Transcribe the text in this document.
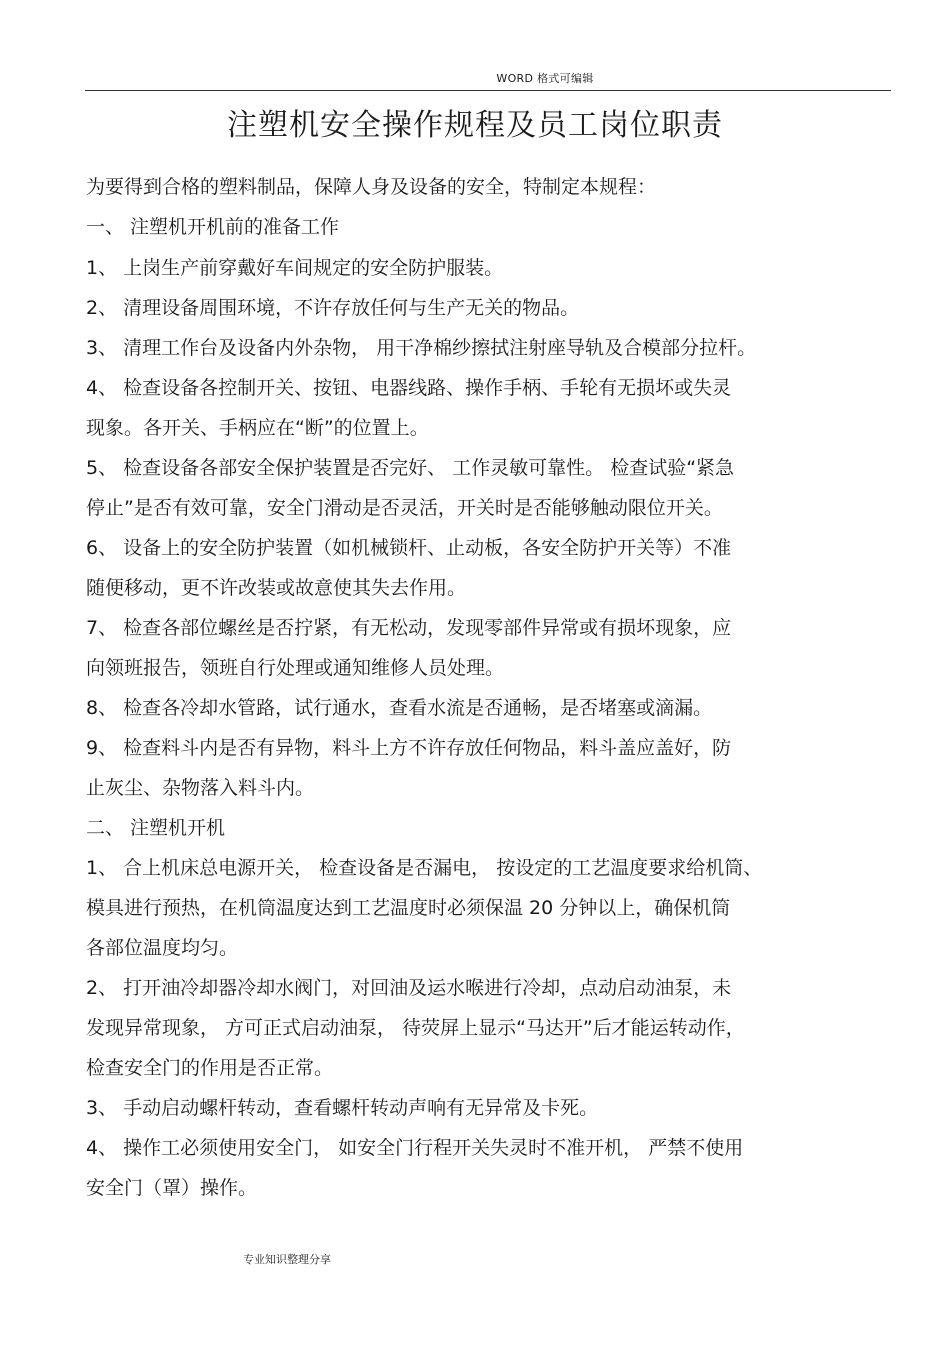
WORD 格式可编辑
注塑机安全操作规程及员工岗位职责
为要得到合格的塑料制品，保障人身及设备的安全，特制定本规程：
一、 注塑机开机前的准备工作
1、 上岗生产前穿戴好车间规定的安全防护服装。
2、 清理设备周围环境，不许存放任何与生产无关的物品。
3、 清理工作台及设备内外杂物， 用干净棉纱擦拭注射座导轨及合模部分拉杆。
4、 检查设备各控制开关、按钮、电器线路、操作手柄、手轮有无损坏或失灵
现象。各开关、手柄应在“断”的位置上。
5、 检查设备各部安全保护装置是否完好、 工作灵敏可靠性。 检查试验“紧急
停止”是否有效可靠，安全门滑动是否灵活，开关时是否能够触动限位开关。
6、 设备上的安全防护装置（如机械锁杆、止动板，各安全防护开关等）不准
随便移动，更不许改装或故意使其失去作用。
7、 检查各部位螺丝是否拧紧，有无松动，发现零部件异常或有损坏现象，应
向领班报告，领班自行处理或通知维修人员处理。
8、 检查各冷却水管路，试行通水，查看水流是否通畅，是否堵塞或滴漏。
9、 检查料斗内是否有异物，料斗上方不许存放任何物品，料斗盖应盖好，防
止灰尘、杂物落入料斗内。
二、 注塑机开机
1、 合上机床总电源开关， 检查设备是否漏电， 按设定的工艺温度要求给机筒、
模具进行预热，在机筒温度达到工艺温度时必须保温 20 分钟以上，确保机筒
各部位温度均匀。
2、 打开油冷却器冷却水阀门，对回油及运水喉进行冷却，点动启动油泵，未
发现异常现象， 方可正式启动油泵， 待荧屏上显示“马达开”后才能运转动作，
检查安全门的作用是否正常。
3、 手动启动螺杆转动，查看螺杆转动声响有无异常及卡死。
4、 操作工必须使用安全门， 如安全门行程开关失灵时不准开机， 严禁不使用
安全门（罩）操作。
专业知识整理分享
